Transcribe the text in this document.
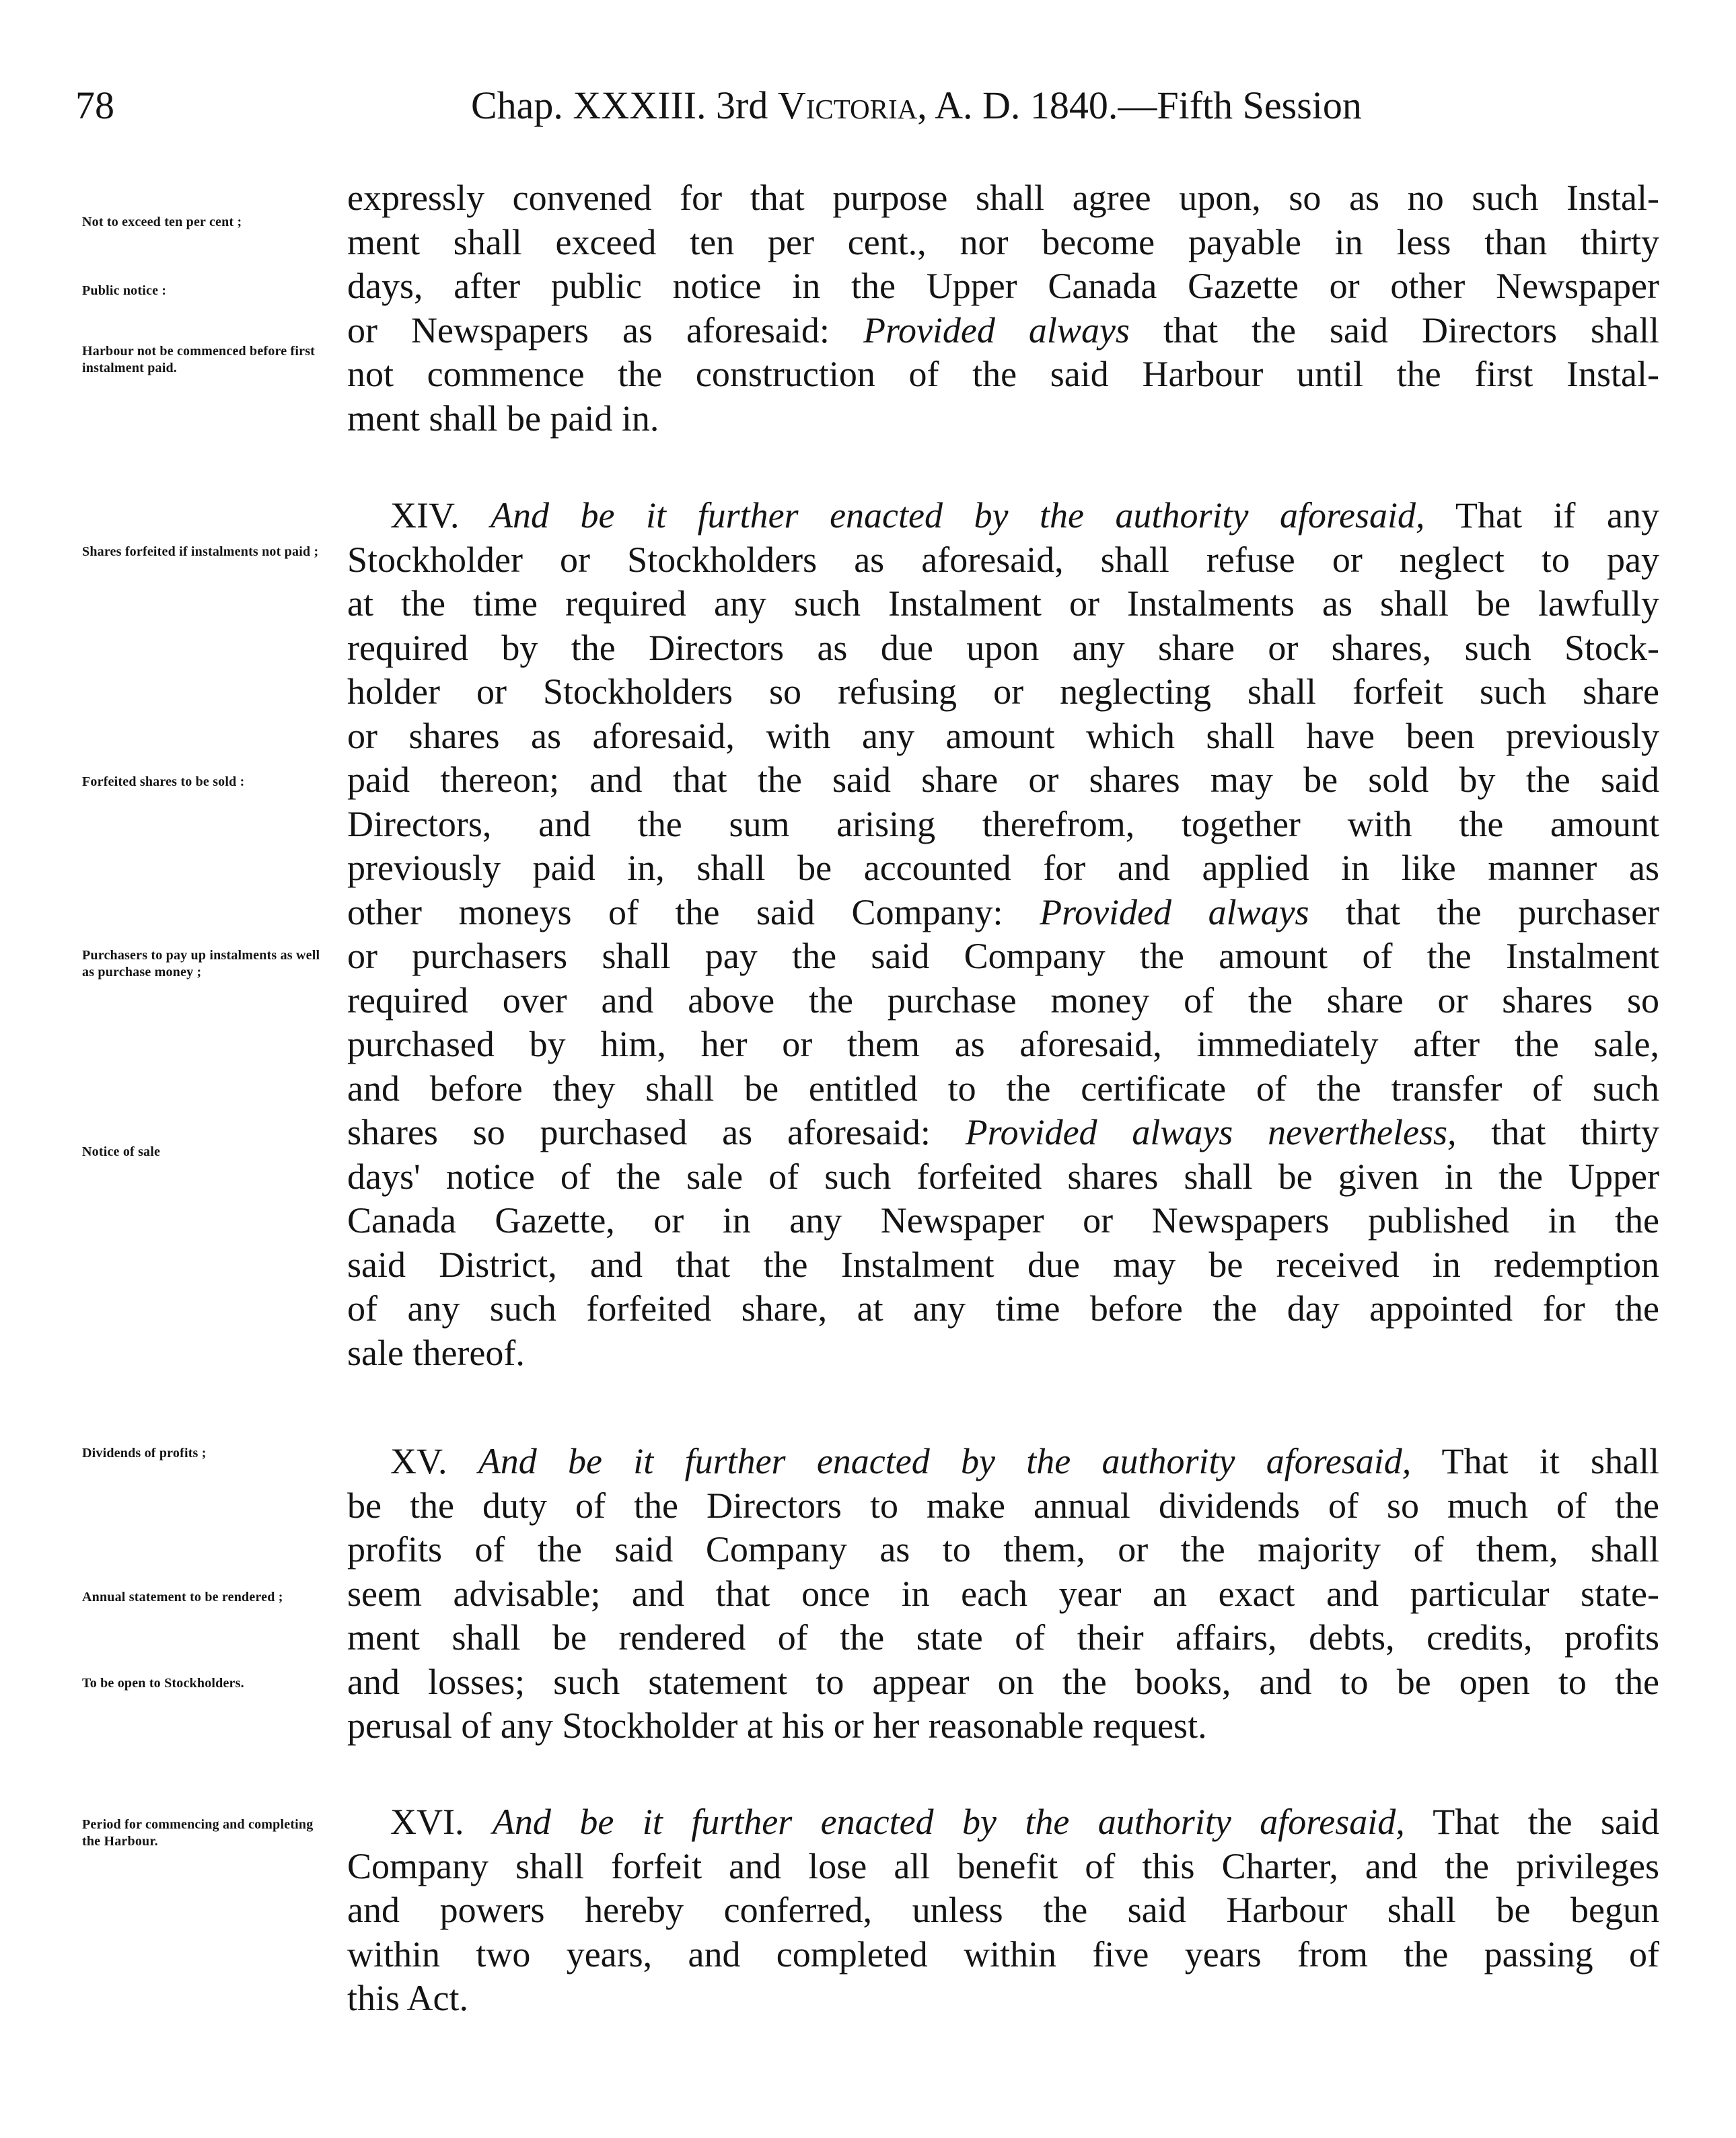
78	Chap. XXXIII. 3rd Victoria, A. D. 1840.—Fifth Session
Not to exceed ten per cent ;
Public notice :
Harbour not be commenced before first instalment paid.
Shares forfeited if instalments not paid ;
Forfeited shares to be sold :
Purchasers to pay up instalments as well as purchase money ;
Notice of sale
Dividends of profits ;
Annual statement to be rendered ;
To be open to Stockholders.
Period for commencing and completing the Harbour.
expressly convened for that purpose shall agree upon, so as no such Instal-
ment shall exceed ten per cent., nor become payable in less than thirty
days, after public notice in the Upper Canada Gazette or other Newspaper
or Newspapers as aforesaid: Provided always that the said Directors shall
not commence the construction of the said Harbour until the first Instal-
ment shall be paid in.
XIV. And be it further enacted by the authority aforesaid, That if any
Stockholder or Stockholders as aforesaid, shall refuse or neglect to pay
at the time required any such Instalment or Instalments as shall be lawfully
required by the Directors as due upon any share or shares, such Stock-
holder or Stockholders so refusing or neglecting shall forfeit such share
or shares as aforesaid, with any amount which shall have been previously
paid thereon; and that the said share or shares may be sold by the said
Directors, and the sum arising therefrom, together with the amount
previously paid in, shall be accounted for and applied in like manner as
other moneys of the said Company: Provided always that the purchaser
or purchasers shall pay the said Company the amount of the Instalment
required over and above the purchase money of the share or shares so
purchased by him, her or them as aforesaid, immediately after the sale,
and before they shall be entitled to the certificate of the transfer of such
shares so purchased as aforesaid: Provided always nevertheless, that thirty
days' notice of the sale of such forfeited shares shall be given in the Upper
Canada Gazette, or in any Newspaper or Newspapers published in the
said District, and that the Instalment due may be received in redemption
of any such forfeited share, at any time before the day appointed for the
sale thereof.
XV. And be it further enacted by the authority aforesaid, That it shall
be the duty of the Directors to make annual dividends of so much of the
profits of the said Company as to them, or the majority of them, shall
seem advisable; and that once in each year an exact and particular state-
ment shall be rendered of the state of their affairs, debts, credits, profits
and losses; such statement to appear on the books, and to be open to the
perusal of any Stockholder at his or her reasonable request.
XVI. And be it further enacted by the authority aforesaid, That the said
Company shall forfeit and lose all benefit of this Charter, and the privileges
and powers hereby conferred, unless the said Harbour shall be begun
within two years, and completed within five years from the passing of
this Act.
